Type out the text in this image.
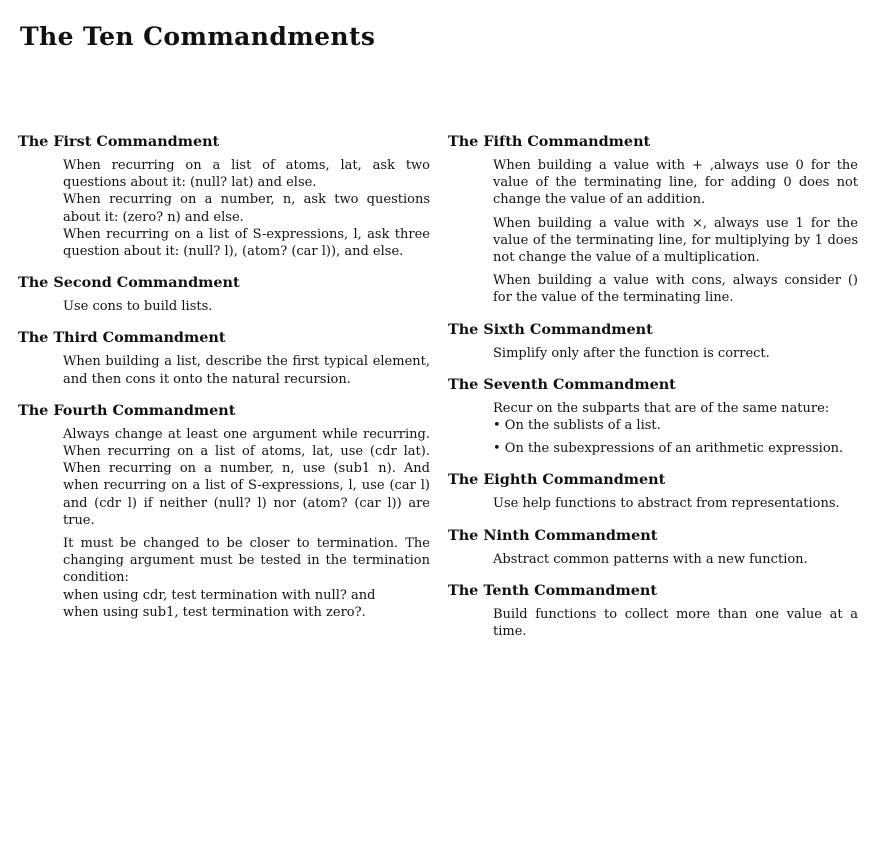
The Ten Commandments
The First Commandment

When recurring on a list of atoms, lat, ask two questions about it: (null? lat) and else.

When recurring on a number, n, ask two questions about it: (zero? n) and else.

When recurring on a list of S-expressions, l, ask three question about it: (null? l), (atom? (car l)), and else.

The Second Commandment

Use cons to build lists.

The Third Commandment

When building a list, describe the first typical element, and then cons it onto the natural recursion.

The Fourth Commandment

Always change at least one argument while recurring. When recurring on a list of atoms, lat, use (cdr lat). When recurring on a number, n, use (sub1 n). And when recurring on a list of S-expressions, l, use (car l) and (cdr l) if neither (null? l) nor (atom? (car l)) are true.

It must be changed to be closer to termination. The changing argument must be tested in the termination condition:

when using cdr, test termination with null? and

when using sub1, test termination with zero?.

The Fifth Commandment

When building a value with + ,always use 0 for the value of the terminating line, for adding 0 does not change the value of an addition.

When building a value with ×, always use 1 for the value of the terminating line, for multiplying by 1 does not change the value of a multiplication.

When building a value with cons, always consider () for the value of the terminating line.

The Sixth Commandment

Simplify only after the function is correct.

The Seventh Commandment

Recur on the subparts that are of the same nature:

• On the sublists of a list.

• On the subexpressions of an arithmetic expression.

The Eighth Commandment

Use help functions to abstract from representations.

The Ninth Commandment

Abstract common patterns with a new function.

The Tenth Commandment

Build functions to collect more than one value at a time.
